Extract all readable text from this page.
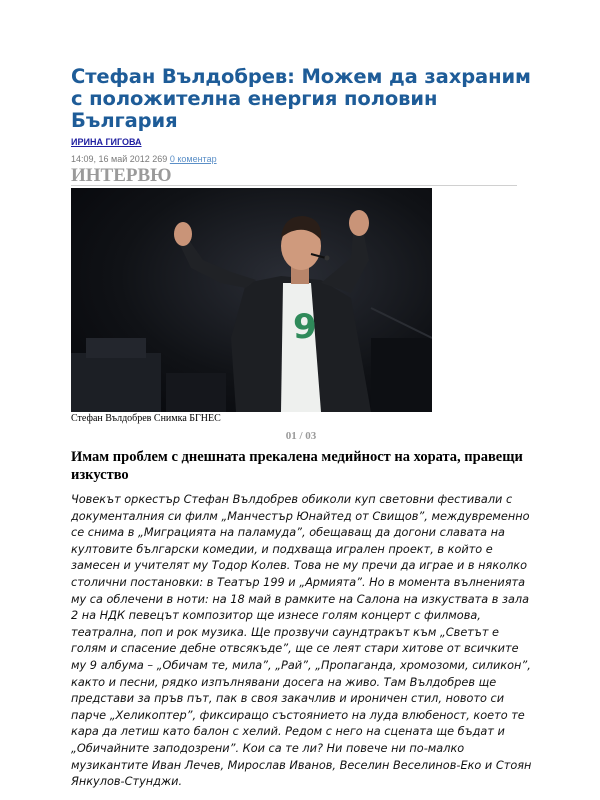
Стефан Вълдобрев: Можем да захраним с положителна енергия половин България
ИРИНА ГИГОВА
14:09, 16 май 2012 269 0 коментар
ИНТЕРВЮ
9
Стефан Вълдобрев Снимка БГНЕС
01 / 03
Имам проблем с днешната прекалена медийност на хората, правещи изкуство
Човекът оркестър Стефан Вълдобрев обиколи куп световни фестивали с документалния си филм „Манчестър Юнайтед от Свищов”, междувременно се снима в „Миграцията на паламуда”, обещаващ да догони славата на култовите български комедии, и подхваща игрален проект, в който е замесен и учителят му Тодор Колев. Това не му пречи да играе и в няколко столични постановки: в Театър 199 и „Армията”. Но в момента вълненията му са облечени в ноти: на 18 май в рамките на Салона на изкуствата в зала 2 на НДК певецът композитор ще изнесе голям концерт с филмова, театрална, поп и рок музика. Ще прозвучи саундтракът към „Светът е голям и спасение дебне отвсякъде”, ще се леят стари хитове от всичките му 9 албума – „Обичам те, мила”, „Рай”, „Пропаганда, хромозоми, силикон”, както и песни, рядко изпълнявани досега на живо. Там Вълдобрев ще представи за пръв път, пак в своя закачлив и ироничен стил, новото си парче „Хеликоптер”, фиксиращо състоянието на луда влюбеност, което те кара да летиш като балон с хелий. Редом с него на сцената ще бъдат и „Обичайните заподозрени”. Кои са те ли? Ни повече ни по-малко музикантите Иван Лечев, Мирослав Иванов, Веселин Веселинов-Еко и Стоян Янкулов-Стунджи.
